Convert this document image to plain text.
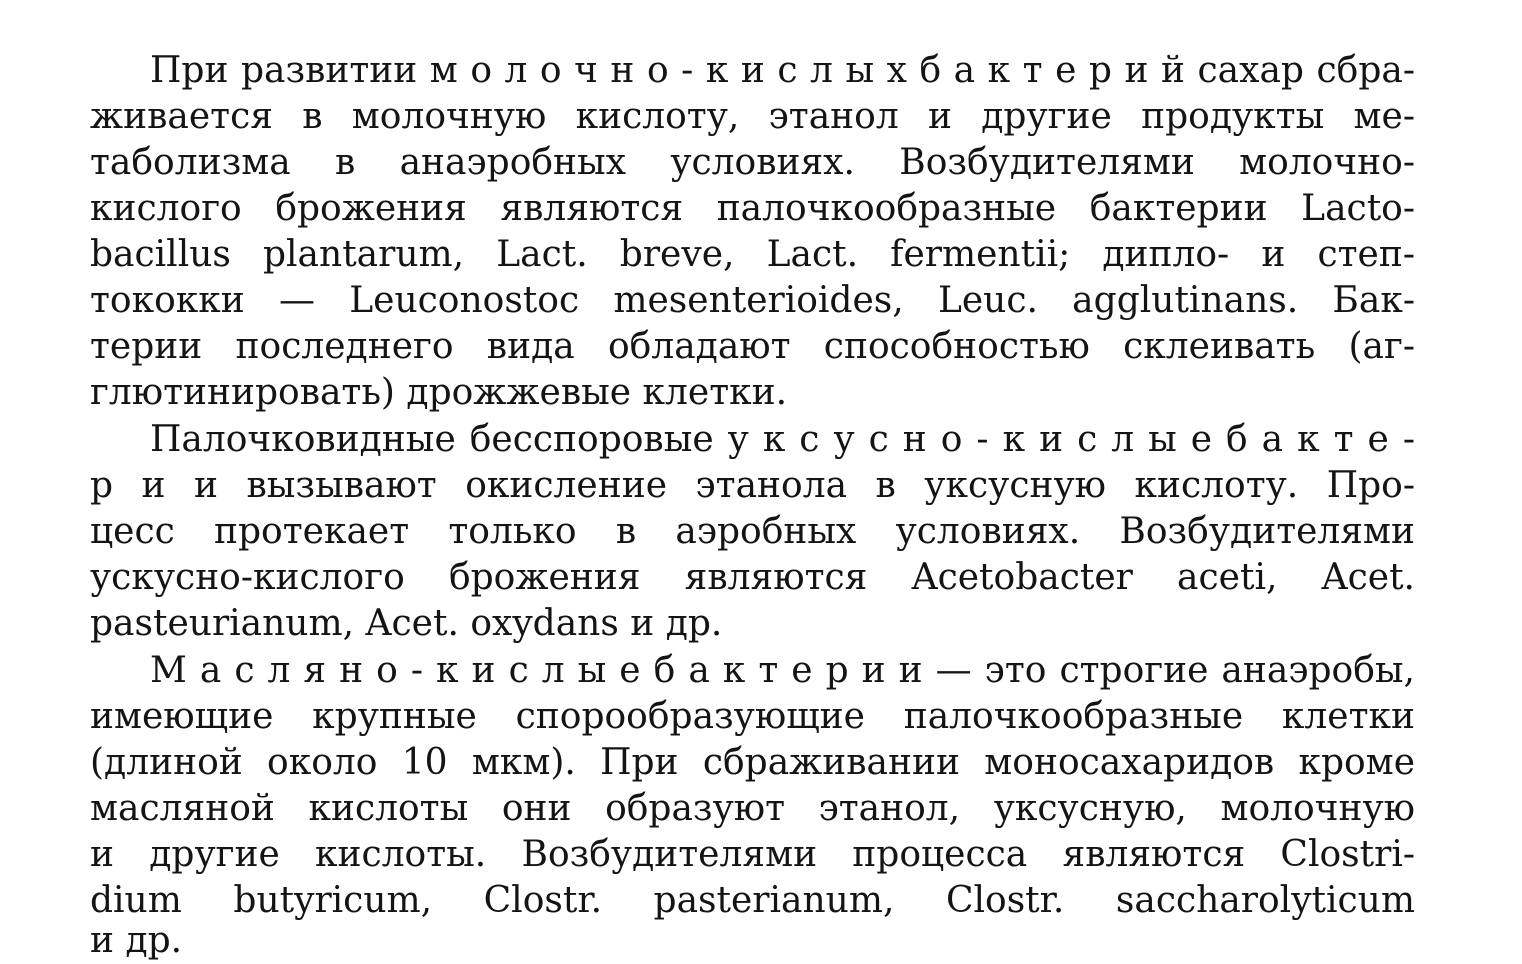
При развитии м о л о ч н о - к и с л ы х б а к т е р и й сахар сбра-
живается в молочную кислоту, этанол и другие продукты ме-
таболизма в анаэробных условиях. Возбудителями молочно-
кислого брожения являются палочкообразные бактерии Lacto-
bacillus plantarum, Lact. breve, Lact. fermentii; дипло- и степ-
тококки — Leuconostoc mesenterioides, Leuc. agglutinans. Бак-
терии последнего вида обладают способностью склеивать (аг-
глютинировать) дрожжевые клетки.
Палочковидные бесспоровые у к с у с н о - к и с л ы е б а к т е -
р и и вызывают окисление этанола в уксусную кислоту. Про-
цесс протекает только в аэробных условиях. Возбудителями
ускусно-кислого брожения являются Acetobacter aceti, Acet.
pasteurianum, Acet. oxydans и др.
М а с л я н о - к и с л ы е б а к т е р и и — это строгие анаэробы,
имеющие крупные спорообразующие палочкообразные клетки
(длиной около 10 мкм). При сбраживании моносахаридов кроме
масляной кислоты они образуют этанол, уксусную, молочную
и другие кислоты. Возбудителями процесса являются Clostri-
dium butyricum, Clostr. pasterianum, Clostr. saccharolyticum
и др.
